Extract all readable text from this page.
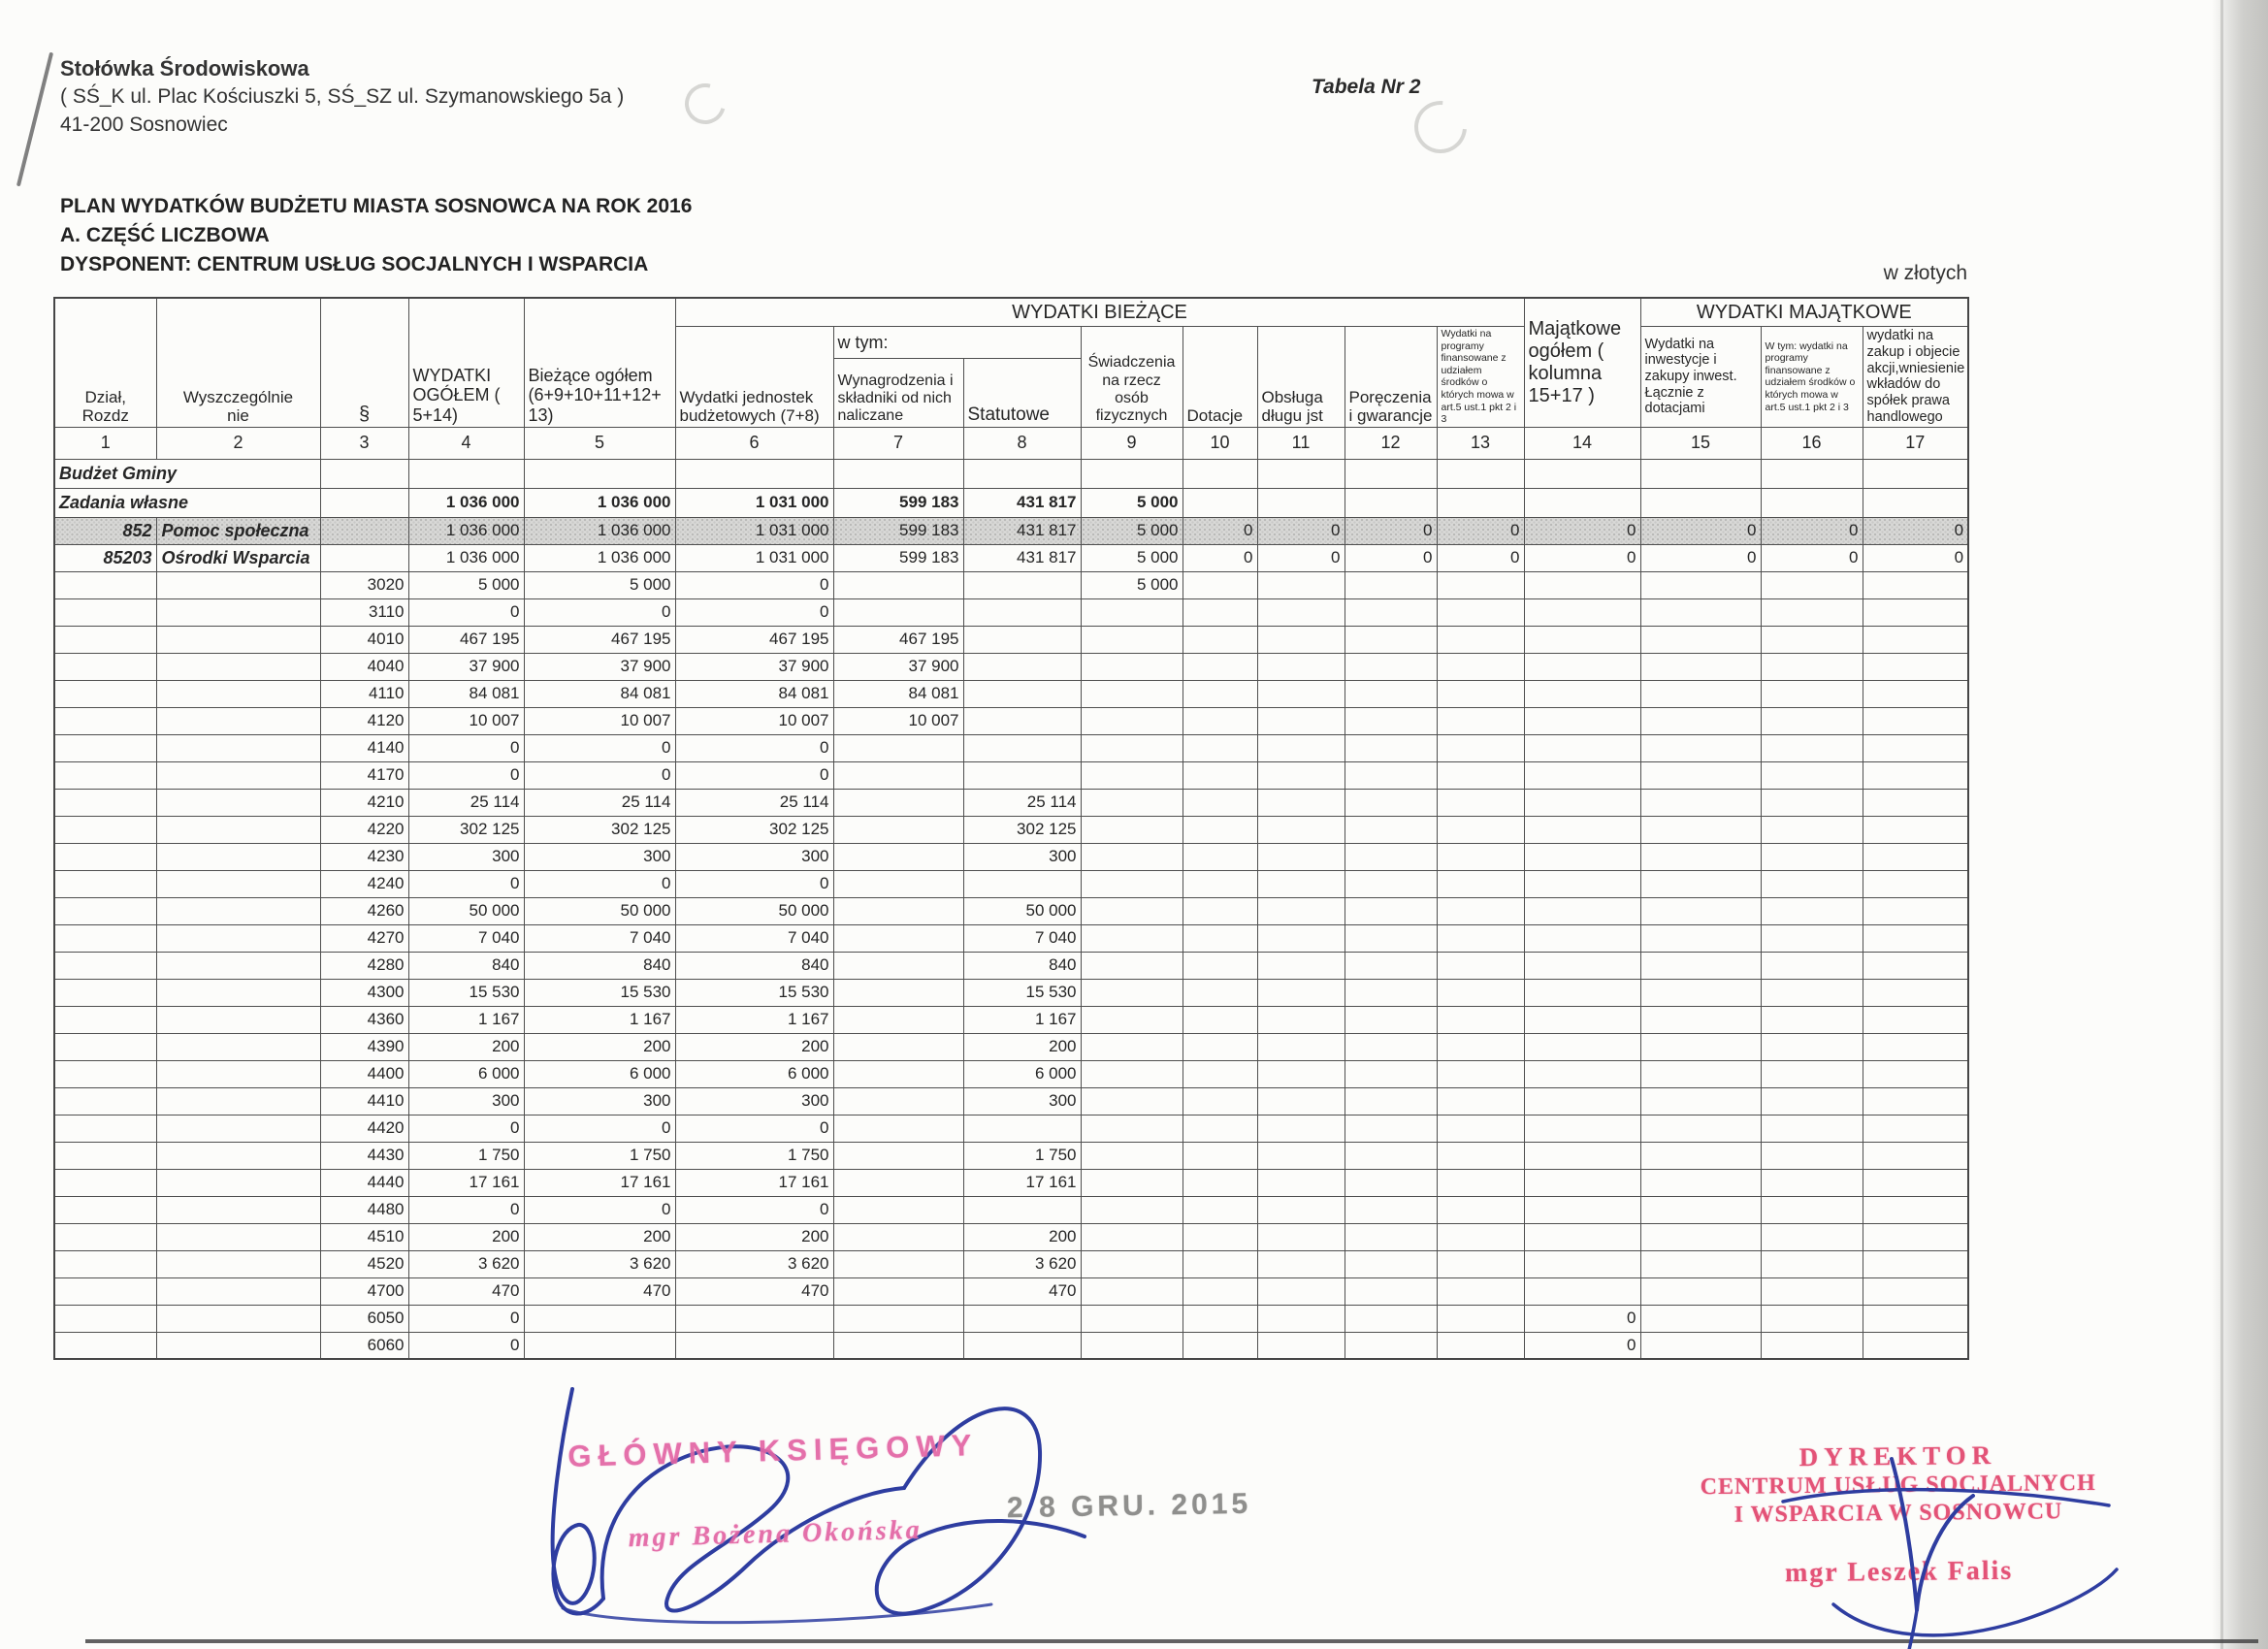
Stołówka Środowiskowa
( SŚ_K ul. Plac Kościuszki 5, SŚ_SZ ul. Szymanowskiego 5a )
41-200 Sosnowiec
Tabela Nr 2
PLAN WYDATKÓW BUDŻETU MIASTA SOSNOWCA NA ROK 2016
A. CZĘŚĆ LICZBOWA
DYSPONENT: CENTRUM USŁUG SOCJALNYCH I WSPARCIA	w złotych
Dział, Rozdz	Wyszczególnienie	§	WYDATKI OGÓŁEM ( 5+14)	Bieżące ogółem (6+9+10+11+12+13)	WYDATKI BIEŻĄCE								Majątkowe ogółem ( kolumna 15+17 )	WYDATKI MAJĄTKOWE		
					Wydatki jednostek budżetowych (7+8)	w tym:		Świadczenia na rzecz osób fizycznych	Dotacje	Obsługa długu jst	Poręczenia i gwarancje	Wydatki na programy finansowane z udziałem środków o których mowa w art.5 ust.1 pkt 2 i 3		Wydatki na inwestycje i zakupy inwest. Łącznie z dotacjami	W tym: wydatki na programy finansowane z udziałem środków o których mowa w art.5 ust.1 pkt 2 i 3	wydatki na zakup i objecie akcji,wniesienie wkładów do spółek prawa handlowego
						Wynagrodzenia i składniki od nich naliczane	Statutowe									
1	2	3	4	5	6	7	8	9	10	11	12	13	14	15	16	17
Budżet Gminy																
Zadania własne			1 036 000	1 036 000	1 031 000	599 183	431 817	5 000								
852	Pomoc społeczna		1 036 000	1 036 000	1 031 000	599 183	431 817	5 000	0	0	0	0	0	0	0	0
85203	Ośrodki Wsparcia		1 036 000	1 036 000	1 031 000	599 183	431 817	5 000	0	0	0	0	0	0	0	0
		3020	5 000	5 000	0			5 000								
		3110	0	0	0											
		4010	467 195	467 195	467 195	467 195										
		4040	37 900	37 900	37 900	37 900										
		4110	84 081	84 081	84 081	84 081										
		4120	10 007	10 007	10 007	10 007										
		4140	0	0	0											
		4170	0	0	0											
		4210	25 114	25 114	25 114		25 114									
		4220	302 125	302 125	302 125		302 125									
		4230	300	300	300		300									
		4240	0	0	0											
		4260	50 000	50 000	50 000		50 000									
		4270	7 040	7 040	7 040		7 040									
		4280	840	840	840		840									
		4300	15 530	15 530	15 530		15 530									
		4360	1 167	1 167	1 167		1 167									
		4390	200	200	200		200									
		4400	6 000	6 000	6 000		6 000									
		4410	300	300	300		300									
		4420	0	0	0											
		4430	1 750	1 750	1 750		1 750									
		4440	17 161	17 161	17 161		17 161									
		4480	0	0	0											
		4510	200	200	200		200									
		4520	3 620	3 620	3 620		3 620									
		4700	470	470	470		470									
		6050	0										0			
		6060	0										0			
GŁÓWNY KSIĘGOWY
mgr Bożena Okońska
2 8 GRU. 2015
DYREKTOR
CENTRUM USŁUG SOCJALNYCH
I WSPARCIA W SOSNOWCU
mgr Leszek Falis
